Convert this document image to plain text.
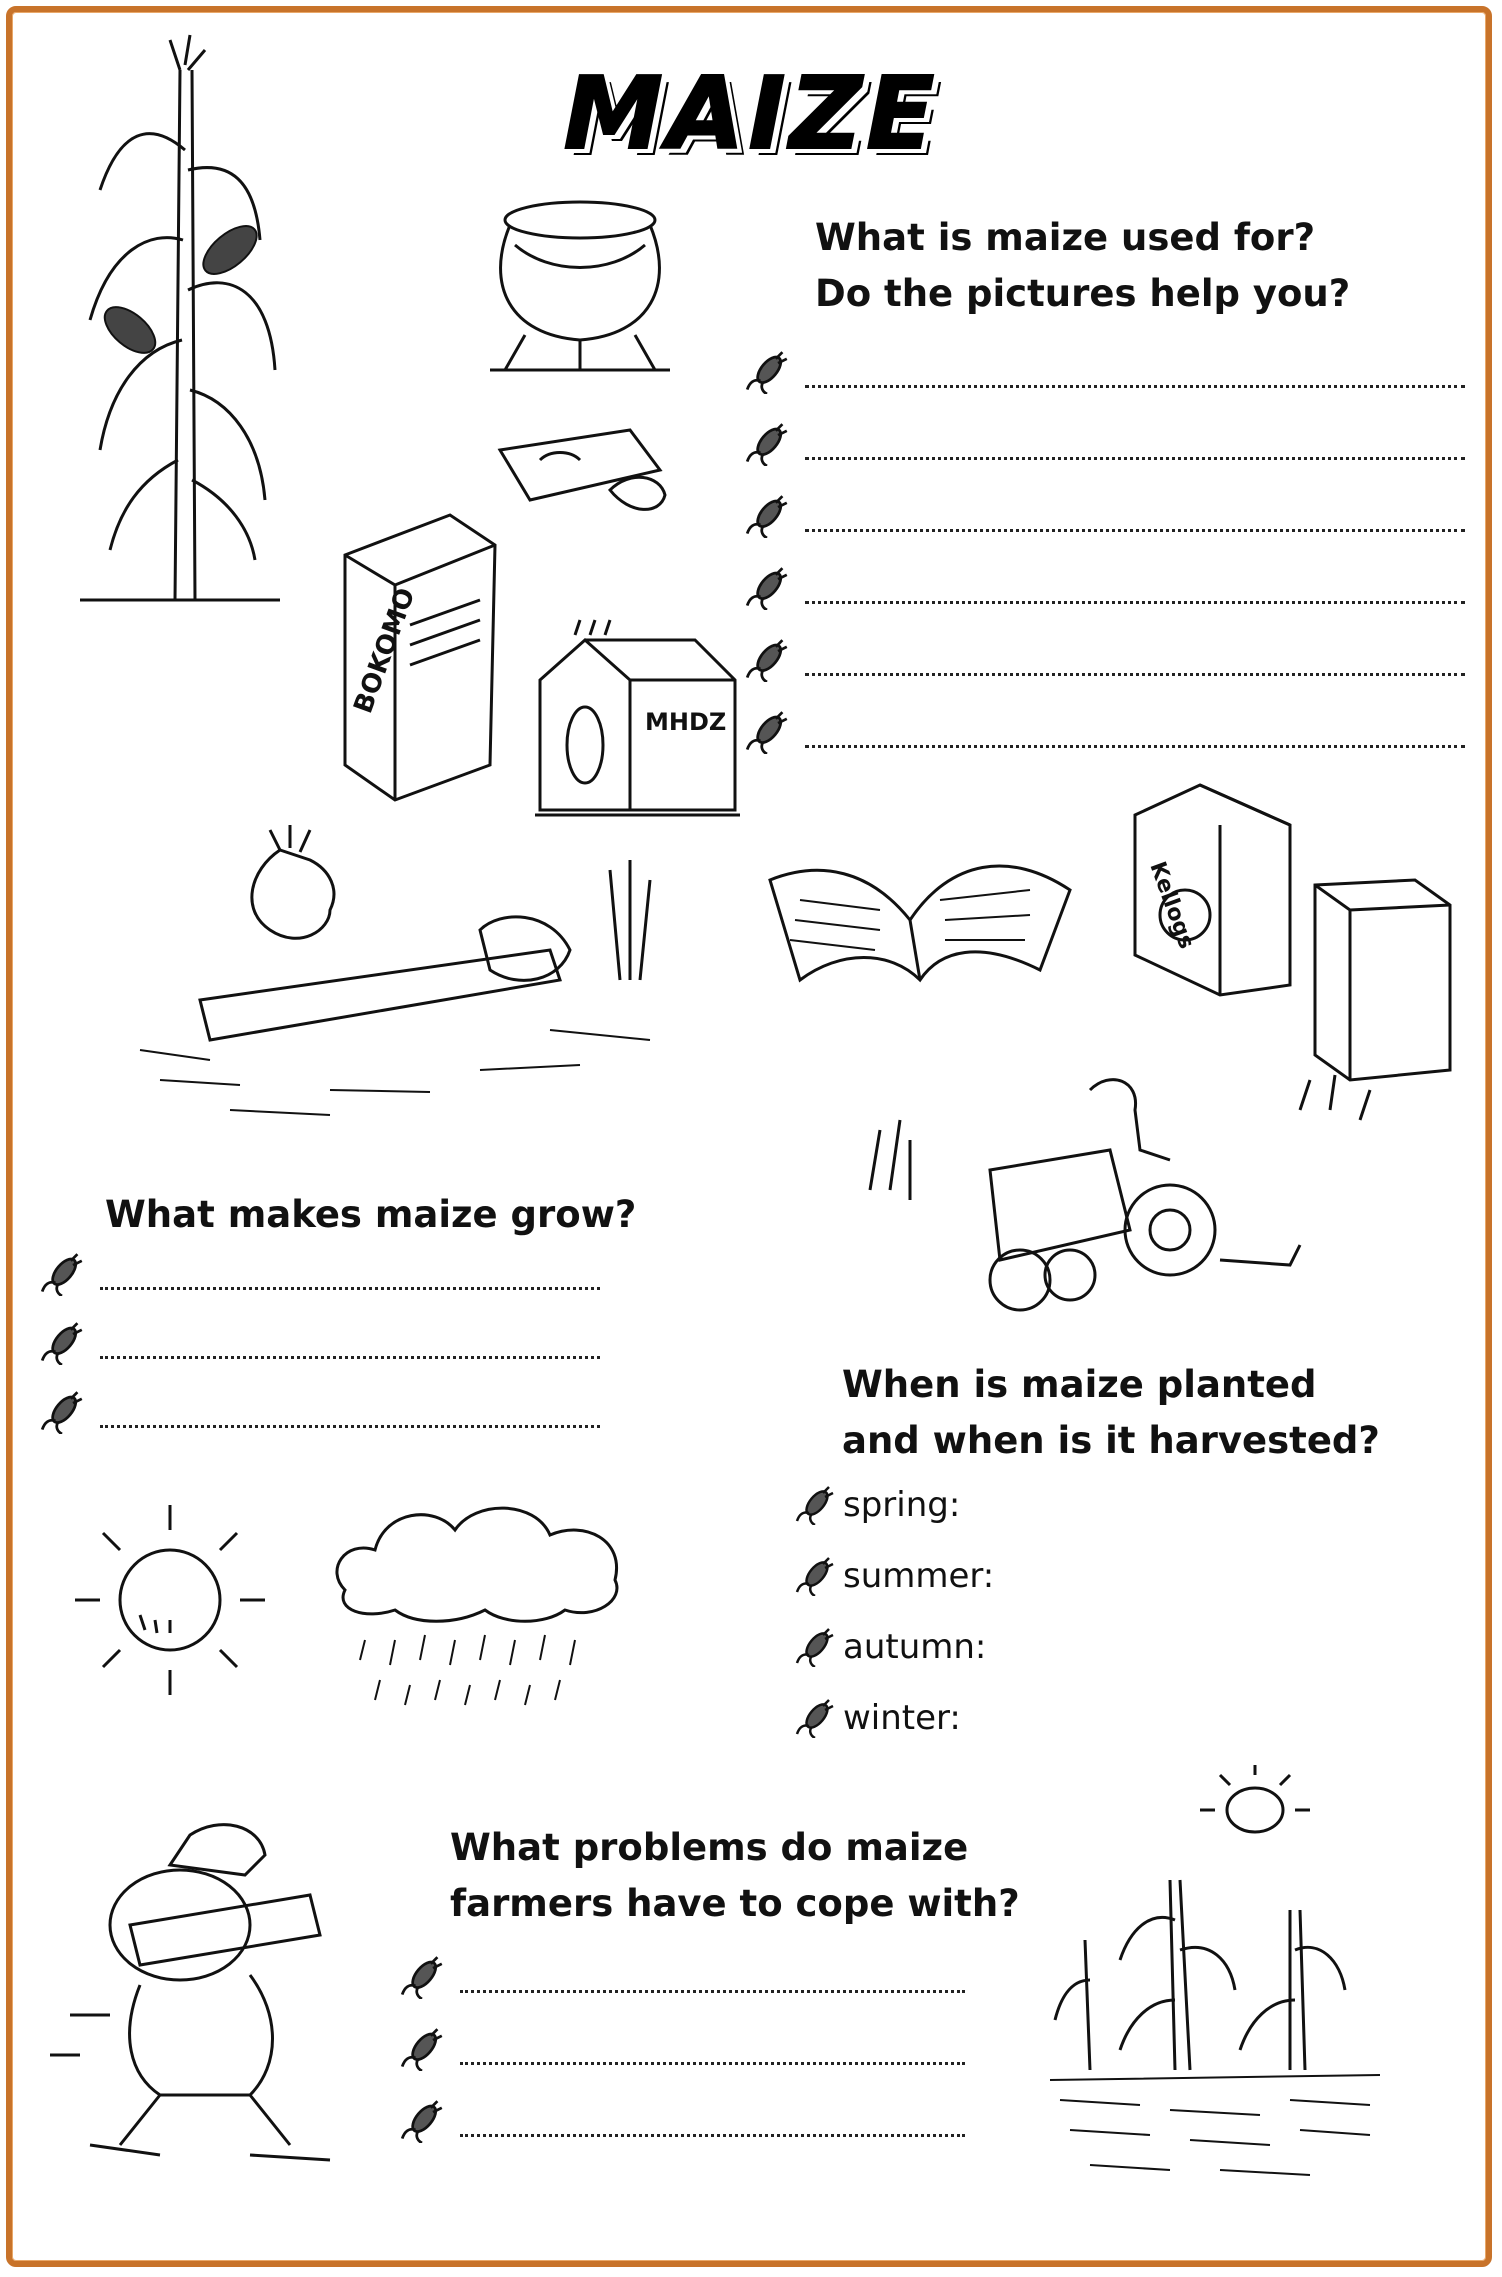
MAIZE
BOKOMO
MHDZ
Kellogs
What is maize used for?
Do the pictures help you?
What makes maize grow?
When is maize planted
and when is it harvested?
What problems do maize
farmers have to cope with?
spring:
summer:
autumn:
winter:
